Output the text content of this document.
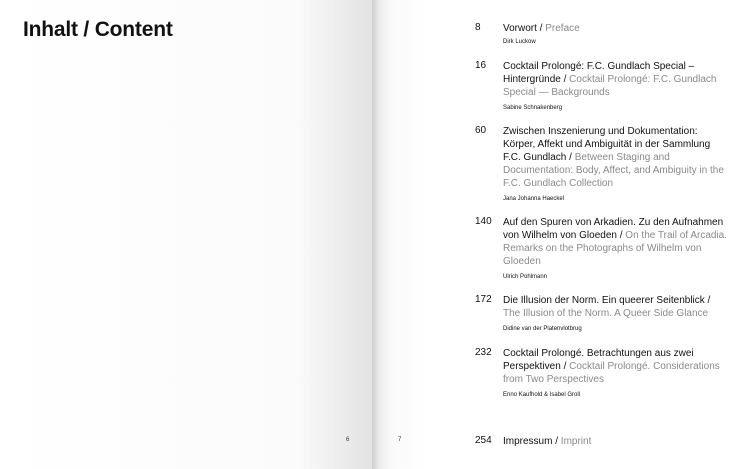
Inhalt / Content
6	7
8	Vorwort / Preface

Dirk Luckow
16	Cocktail Prolongé: F.C. Gundlach Special – Hintergründe / Cocktail Prolongé: F.C. Gundlach Special — Backgrounds

Sabine Schnakenberg
60	Zwischen Inszenierung und Dokumentation: Körper, Affekt und Ambiguität in der Sammlung F.C. Gundlach / Between Staging and Documentation: Body, Affect, and Ambiguity in the F.C. Gundlach Collection

Jana Johanna Haeckel
140	Auf den Spuren von Arkadien. Zu den Aufnahmen von Wilhelm von Gloeden / On the Trail of Arcadia. Remarks on the Photographs of Wilhelm von Gloeden

Ulrich Pohlmann
172	Die Illusion der Norm. Ein queerer Seitenblick / The Illusion of the Norm. A Queer Side Glance

Didine van der Platenvlotbrug
232	Cocktail Prolongé. Betrachtungen aus zwei Perspektiven / Cocktail Prolongé. Considerations from Two Perspectives

Enno Kaufhold & Isabel Groll
254	Impressum / Imprint
